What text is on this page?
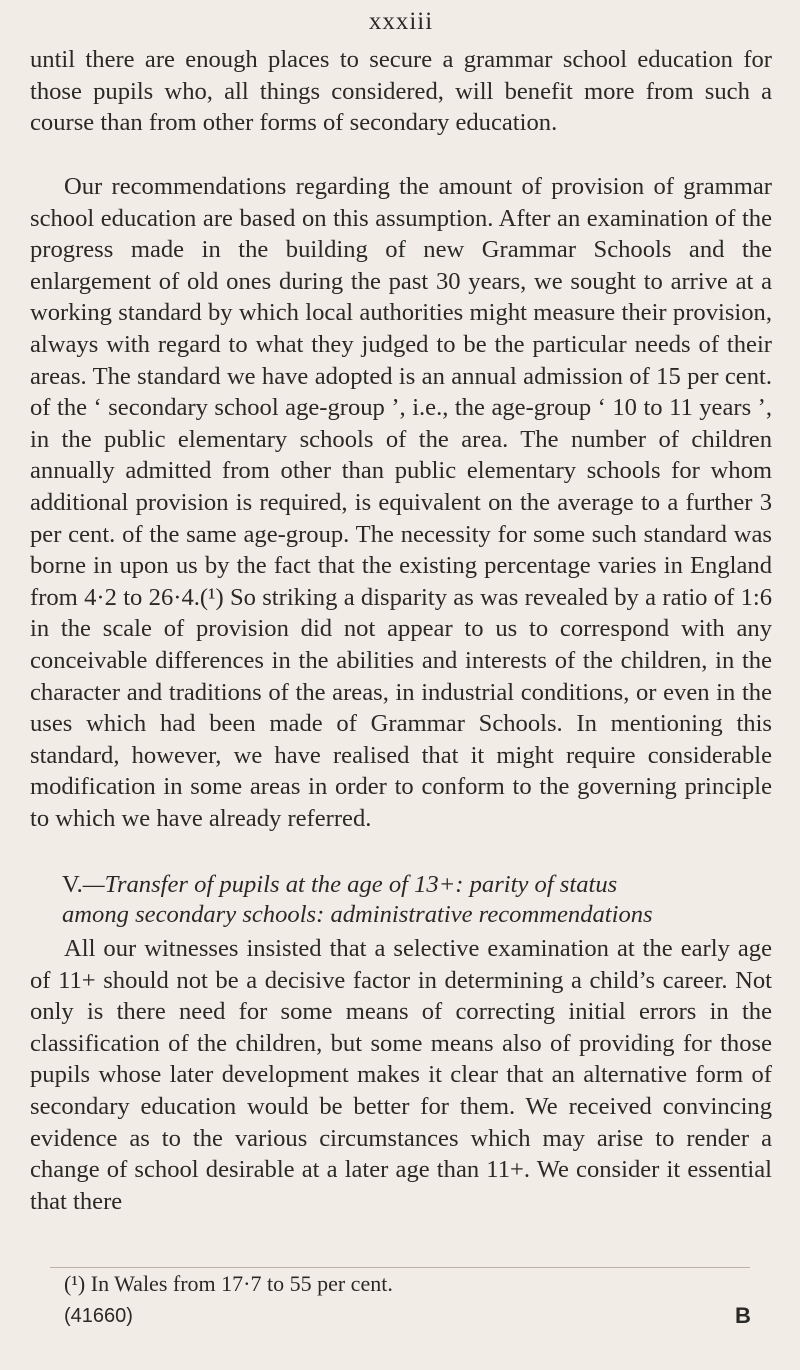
xxxiii

until there are enough places to secure a grammar school education for those pupils who, all things considered, will benefit more from such a course than from other forms of secondary education.

Our recommendations regarding the amount of provision of grammar school education are based on this assumption. After an examination of the progress made in the building of new Grammar Schools and the enlargement of old ones during the past 30 years, we sought to arrive at a working standard by which local authorities might measure their provision, always with regard to what they judged to be the particular needs of their areas. The standard we have adopted is an annual admission of 15 per cent. of the ‘ secondary school age-group ’, i.e., the age-group ‘ 10 to 11 years ’, in the public elementary schools of the area. The number of children annually admitted from other than public elementary schools for whom additional provision is required, is equivalent on the average to a further 3 per cent. of the same age-group. The necessity for some such standard was borne in upon us by the fact that the existing percentage varies in England from 4·2 to 26·4.(¹) So striking a disparity as was revealed by a ratio of 1:6 in the scale of provision did not appear to us to correspond with any conceivable differences in the abilities and interests of the children, in the character and traditions of the areas, in industrial conditions, or even in the uses which had been made of Grammar Schools. In mentioning this standard, however, we have realised that it might require considerable modification in some areas in order to conform to the governing principle to which we have already referred.

V.—Transfer of pupils at the age of 13+: parity of status
among secondary schools: administrative recommendations

All our witnesses insisted that a selective examination at the early age of 11+ should not be a decisive factor in determining a child’s career. Not only is there need for some means of correcting initial errors in the classification of the children, but some means also of providing for those pupils whose later development makes it clear that an alternative form of secondary education would be better for them. We received convincing evidence as to the various circumstances which may arise to render a change of school desirable at a later age than 11+. We consider it essential that there

(¹) In Wales from 17·7 to 55 per cent.
(41660)	B
